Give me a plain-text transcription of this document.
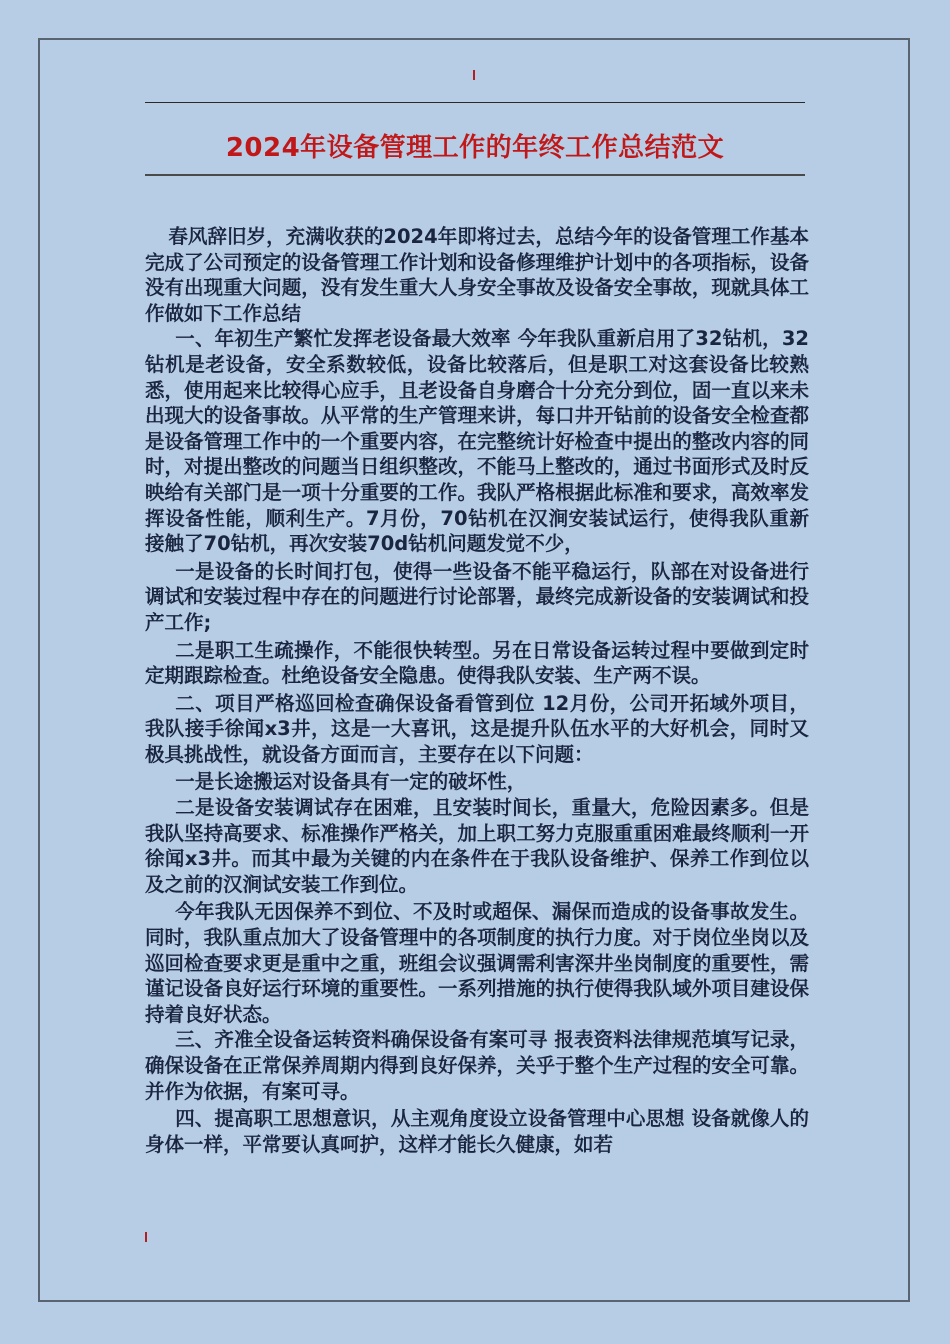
2024年设备管理工作的年终工作总结范文

春风辞旧岁，充满收获的2024年即将过去，总结今年的设备管理工作基本完成了公司预定的设备管理工作计划和设备修理维护计划中的各项指标，设备没有出现重大问题，没有发生重大人身安全事故及设备安全事故，现就具体工作做如下工作总结

一、年初生产繁忙发挥老设备最大效率 今年我队重新启用了32钻机，32钻机是老设备，安全系数较低，设备比较落后，但是职工对这套设备比较熟悉，使用起来比较得心应手，且老设备自身磨合十分充分到位，固一直以来未出现大的设备事故。从平常的生产管理来讲，每口井开钻前的设备安全检查都是设备管理工作中的一个重要内容，在完整统计好检查中提出的整改内容的同时，对提出整改的问题当日组织整改，不能马上整改的，通过书面形式及时反映给有关部门是一项十分重要的工作。我队严格根据此标准和要求，高效率发挥设备性能，顺利生产。7月份，70钻机在汉涧安装试运行，使得我队重新接触了70钻机，再次安装70d钻机问题发觉不少，

一是设备的长时间打包，使得一些设备不能平稳运行，队部在对设备进行调试和安装过程中存在的问题进行讨论部署，最终完成新设备的安装调试和投产工作;

二是职工生疏操作，不能很快转型。另在日常设备运转过程中要做到定时定期跟踪检查。杜绝设备安全隐患。使得我队安装、生产两不误。

二、项目严格巡回检查确保设备看管到位 12月份，公司开拓域外项目，我队接手徐闻x3井，这是一大喜讯，这是提升队伍水平的大好机会，同时又极具挑战性，就设备方面而言，主要存在以下问题：

一是长途搬运对设备具有一定的破坏性，

二是设备安装调试存在困难，且安装时间长，重量大，危险因素多。但是我队坚持高要求、标准操作严格关，加上职工努力克服重重困难最终顺利一开徐闻x3井。而其中最为关键的内在条件在于我队设备维护、保养工作到位以及之前的汉涧试安装工作到位。

今年我队无因保养不到位、不及时或超保、漏保而造成的设备事故发生。同时，我队重点加大了设备管理中的各项制度的执行力度。对于岗位坐岗以及巡回检查要求更是重中之重，班组会议强调需利害深井坐岗制度的重要性，需谨记设备良好运行环境的重要性。一系列措施的执行使得我队域外项目建设保持着良好状态。

三、齐准全设备运转资料确保设备有案可寻 报表资料法律规范填写记录，确保设备在正常保养周期内得到良好保养，关乎于整个生产过程的安全可靠。并作为依据，有案可寻。

四、提高职工思想意识，从主观角度设立设备管理中心思想 设备就像人的身体一样，平常要认真呵护，这样才能长久健康，如若
